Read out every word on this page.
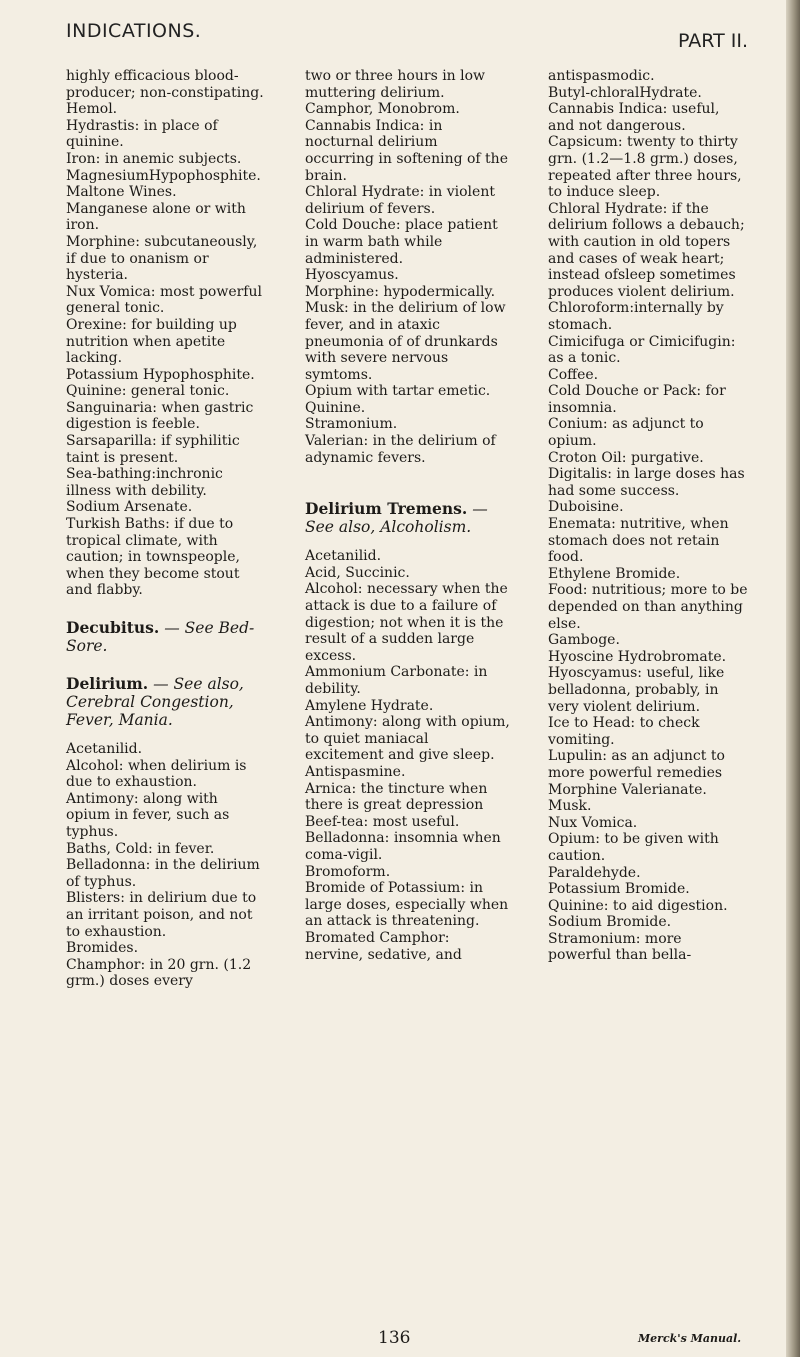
INDICATIONS.	PART II.

highly efficacious blood-producer; non-constipating.

Hemol.

Hydrastis: in place of quinine.

Iron: in anemic subjects.

MagnesiumHypophosphite.

Maltone Wines.

Manganese alone or with iron.

Morphine: subcutaneously, if due to onanism or hysteria.

Nux Vomica: most powerful general tonic.

Orexine: for building up nutrition when apetite lacking.

Potassium Hypophosphite.

Quinine: general tonic.

Sanguinaria: when gastric digestion is feeble.

Sarsaparilla: if syphilitic taint is present.

Sea-bathing:inchronic illness with debility.

Sodium Arsenate.

Turkish Baths: if due to tropical climate, with caution; in townspeople, when they become stout and flabby.

Decubitus. — See Bed-Sore.
Delirium. — See also, Cerebral Congestion, Fever, Mania.

Acetanilid.

Alcohol: when delirium is due to exhaustion.

Antimony: along with opium in fever, such as typhus.

Baths, Cold: in fever.

Belladonna: in the delirium of typhus.

Blisters: in delirium due to an irritant poison, and not to exhaustion.

Bromides.

Champhor: in 20 grn. (1.2 grm.) doses every

two or three hours in low muttering delirium.

Camphor, Monobrom.

Cannabis Indica: in nocturnal delirium occurring in softening of the brain.

Chloral Hydrate: in violent delirium of fevers.

Cold Douche: place patient in warm bath while administered.

Hyoscyamus.

Morphine: hypodermically.

Musk: in the delirium of low fever, and in ataxic pneumonia of of drunkards with severe nervous symtoms.

Opium with tartar emetic.

Quinine.

Stramonium.

Valerian: in the delirium of adynamic fevers.

Delirium Tremens. — See also, Alcoholism.

Acetanilid.

Acid, Succinic.

Alcohol: necessary when the attack is due to a failure of digestion; not when it is the result of a sudden large excess.

Ammonium Carbonate: in debility.

Amylene Hydrate.

Antimony: along with opium, to quiet maniacal excitement and give sleep.

Antispasmine.

Arnica: the tincture when there is great depression

Beef-tea: most useful.

Belladonna: insomnia when coma-vigil.

Bromoform.

Bromide of Potassium: in large doses, especially when an attack is threatening.

Bromated Camphor: nervine, sedative, and

antispasmodic.

Butyl-chloralHydrate.

Cannabis Indica: useful, and not dangerous.

Capsicum: twenty to thirty grn. (1.2—1.8 grm.) doses, repeated after three hours, to induce sleep.

Chloral Hydrate: if the delirium follows a debauch; with caution in old topers and cases of weak heart; instead ofsleep sometimes produces violent delirium.

Chloroform:internally by stomach.

Cimicifuga or Cimicifugin: as a tonic.

Coffee.

Cold Douche or Pack: for insomnia.

Conium: as adjunct to opium.

Croton Oil: purgative.

Digitalis: in large doses has had some success.

Duboisine.

Enemata: nutritive, when stomach does not retain food.

Ethylene Bromide.

Food: nutritious; more to be depended on than anything else.

Gamboge.

Hyoscine Hydrobromate.

Hyoscyamus: useful, like belladonna, probably, in very violent delirium.

Ice to Head: to check vomiting.

Lupulin: as an adjunct to more powerful remedies

Morphine Valerianate.

Musk.

Nux Vomica.

Opium: to be given with caution.

Paraldehyde.

Potassium Bromide.

Quinine: to aid digestion.

Sodium Bromide.

Stramonium: more powerful than bella-

136	Merck's Manual.
